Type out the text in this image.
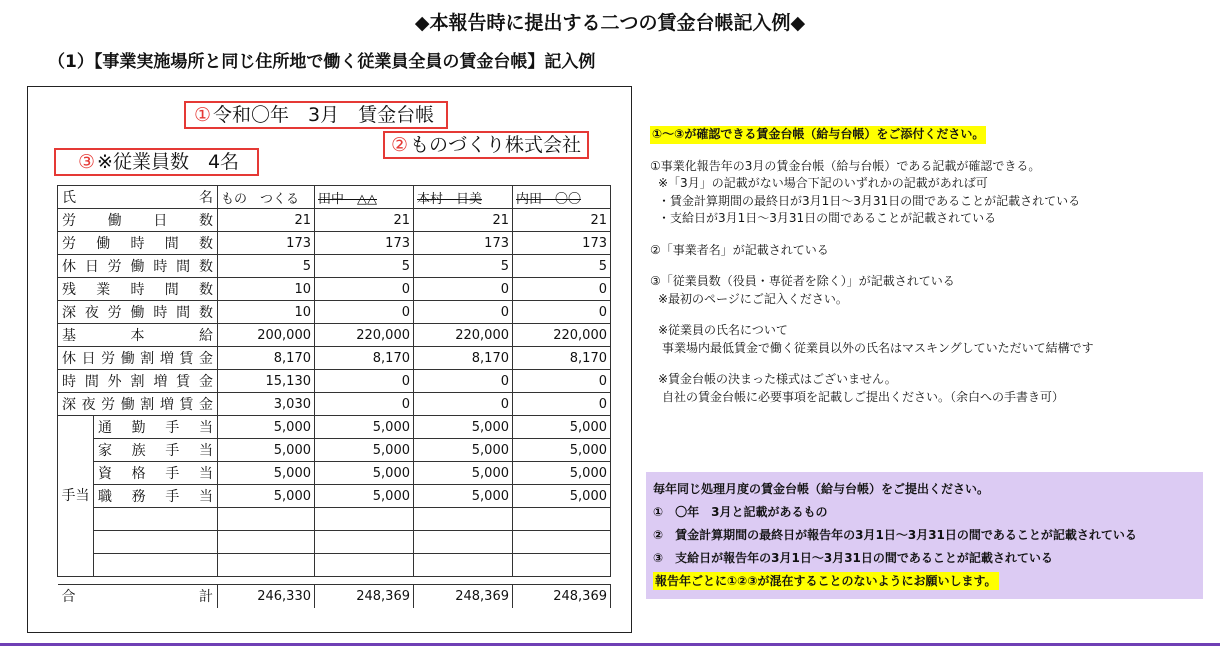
◆本報告時に提出する二つの賃金台帳記入例◆
（1）【事業実施場所と同じ住所地で働く従業員全員の賃金台帳】記入例
① 令和〇年　3月　賃金台帳
② ものづくり株式会社
③ ※従業員数　4名
氏　　　　　　　名		もの　つくる	田中　△△	本村　日美	内田　〇〇
労働日数		21	21	21	21
労働時間数		173	173	173	173
休日労働時間数		5	5	5	5
残業時間数		10	0	0	0
深夜労働時間数		10	0	0	0
基本給		200,000	220,000	220,000	220,000
休日労働割増賃金		8,170	8,170	8,170	8,170
時間外割増賃金		15,130	0	0	0
深夜労働割増賃金		3,030	0	0	0
手当	通勤手当	5,000	5,000	5,000	5,000
	家族手当	5,000	5,000	5,000	5,000
	資格手当	5,000	5,000	5,000	5,000
	職務手当	5,000	5,000	5,000	5,000

合　　　　　　　計		246,330	248,369	248,369	248,369
①～③が確認できる賃金台帳（給与台帳）をご添付ください。
①事業化報告年の3月の賃金台帳（給与台帳）である記載が確認できる。
※「3月」の記載がない場合下記のいずれかの記載があれば可
・賃金計算期間の最終日が3月1日～3月31日の間であることが記載されている
・支給日が3月1日～3月31日の間であることが記載されている
②「事業者名」が記載されている
③「従業員数（役員・専従者を除く）」が記載されている
※最初のページにご記入ください。
※従業員の氏名について
事業場内最低賃金で働く従業員以外の氏名はマスキングしていただいて結構です
※賃金台帳の決まった様式はございません。
自社の賃金台帳に必要事項を記載しご提出ください。（余白への手書き可）
毎年同じ処理月度の賃金台帳（給与台帳）をご提出ください。
①　〇年　3月と記載があるもの
②　賃金計算期間の最終日が報告年の3月1日～3月31日の間であることが記載されている
③　支給日が報告年の3月1日～3月31日の間であることが記載されている
報告年ごとに①②③が混在することのないようにお願いします。
